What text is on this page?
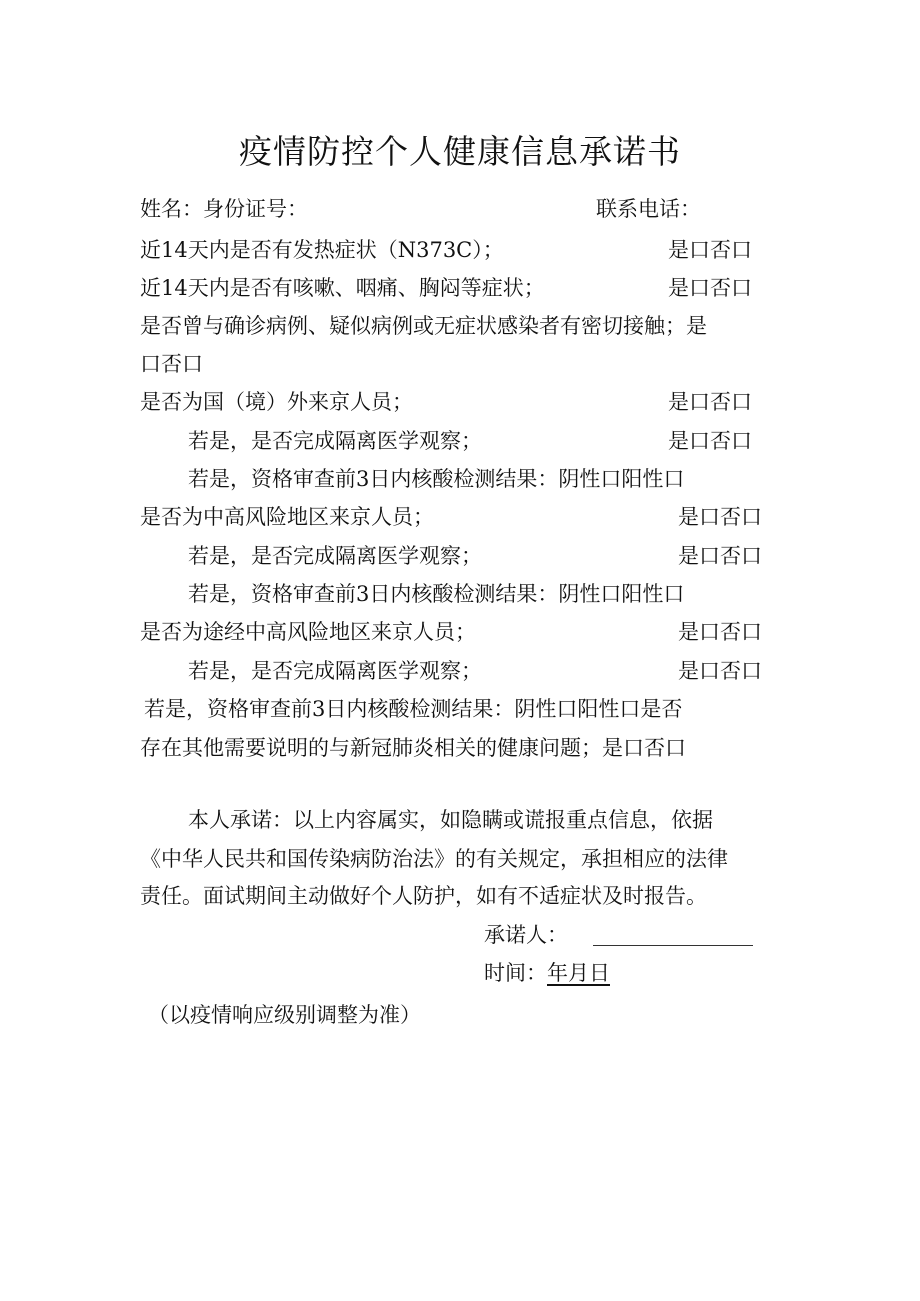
疫情防控个人健康信息承诺书
姓名：身份证号：	联系电话：
近14天内是否有发热症状（N373C）；	是口否口
近14天内是否有咳嗽、咽痛、胸闷等症状；	是口否口
是否曾与确诊病例、疑似病例或无症状感染者有密切接触；是
口否口
是否为国（境）外来京人员；	是口否口
若是，是否完成隔离医学观察；	是口否口
若是，资格审查前3日内核酸检测结果：阴性口阳性口
是否为中高风险地区来京人员；	是口否口
若是，是否完成隔离医学观察；	是口否口
若是，资格审查前3日内核酸检测结果：阴性口阳性口
是否为途经中高风险地区来京人员；	是口否口
若是，是否完成隔离医学观察；	是口否口
若是，资格审查前3日内核酸检测结果：阴性口阳性口是否
存在其他需要说明的与新冠肺炎相关的健康问题；是口否口
本人承诺：以上内容属实，如隐瞒或谎报重点信息，依据
《中华人民共和国传染病防治法》的有关规定，承担相应的法律
责任。面试期间主动做好个人防护，如有不适症状及时报告。
承诺人：
时间：年月日
（以疫情响应级别调整为准）
